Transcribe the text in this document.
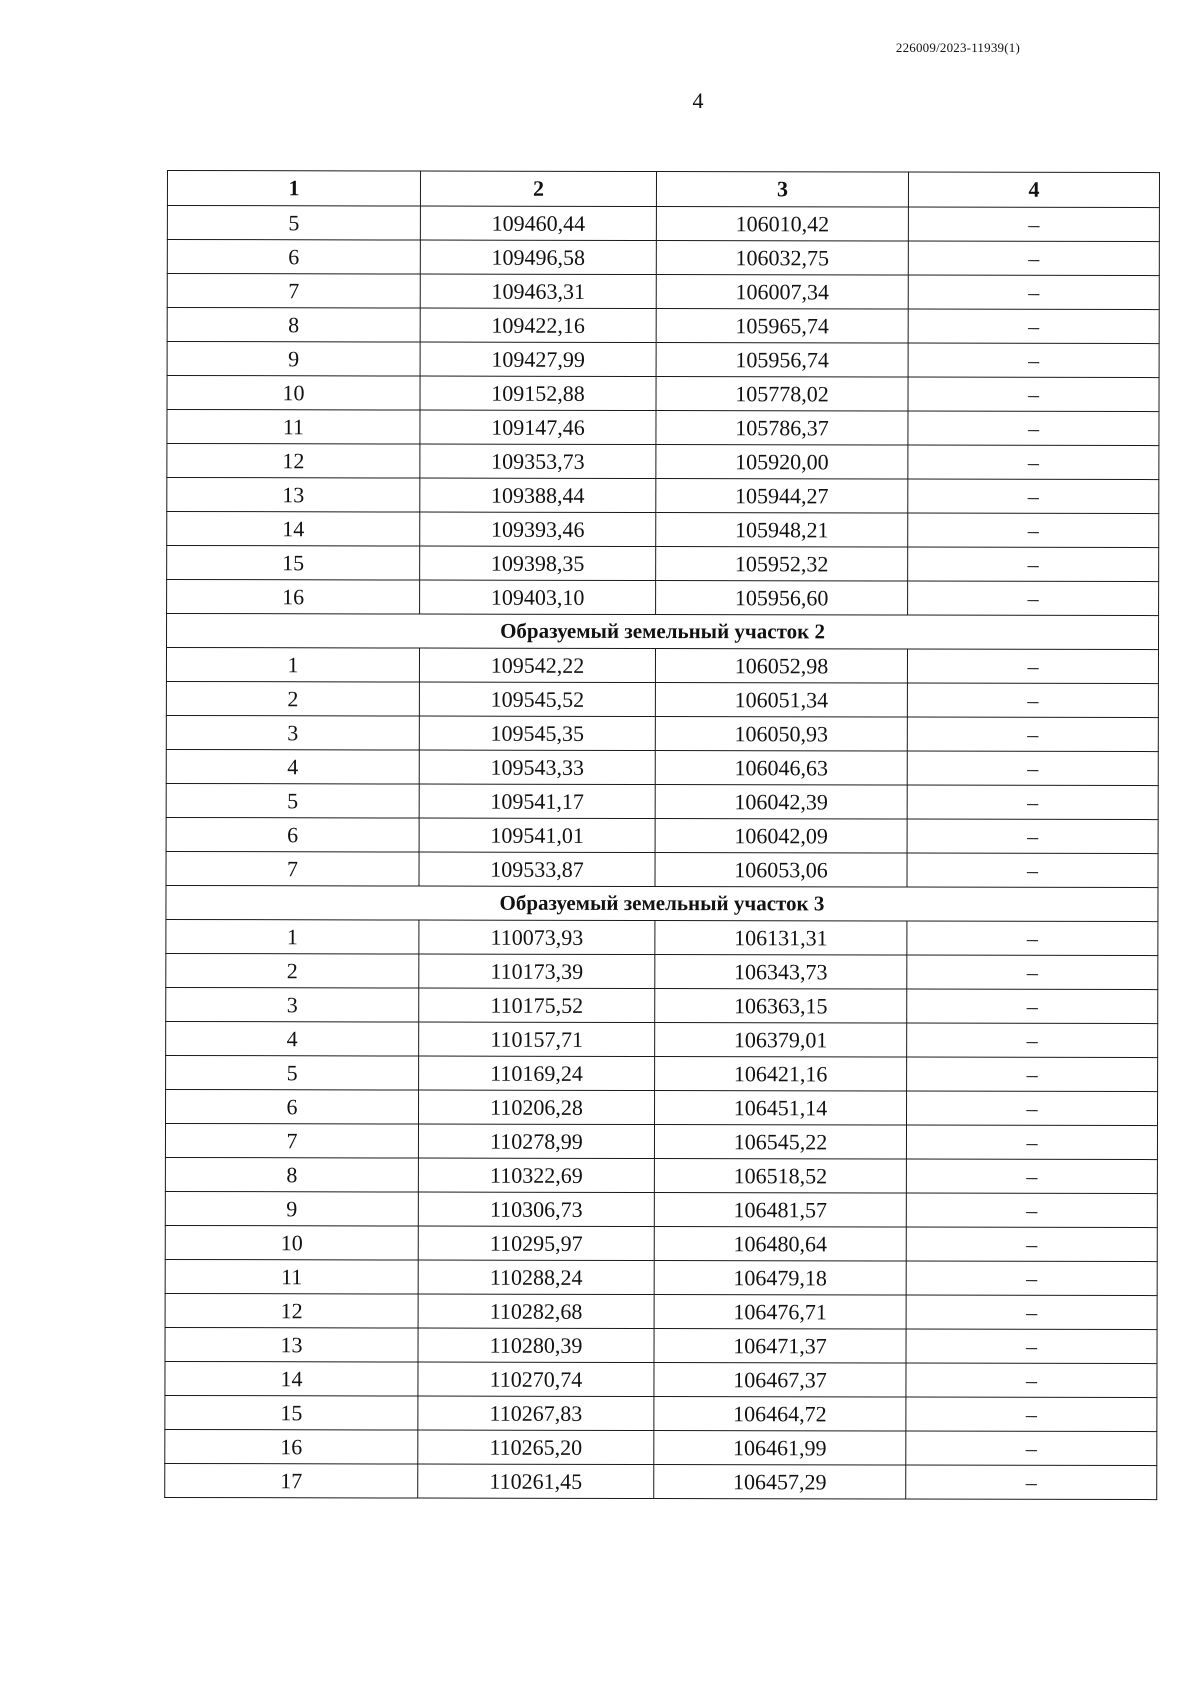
226009/2023-11939(1)
4
1	2	3	4
5	109460,44	106010,42	–
6	109496,58	106032,75	–
7	109463,31	106007,34	–
8	109422,16	105965,74	–
9	109427,99	105956,74	–
10	109152,88	105778,02	–
11	109147,46	105786,37	–
12	109353,73	105920,00	–
13	109388,44	105944,27	–
14	109393,46	105948,21	–
15	109398,35	105952,32	–
16	109403,10	105956,60	–
Образуемый земельный участок 2			
1	109542,22	106052,98	–
2	109545,52	106051,34	–
3	109545,35	106050,93	–
4	109543,33	106046,63	–
5	109541,17	106042,39	–
6	109541,01	106042,09	–
7	109533,87	106053,06	–
Образуемый земельный участок 3			
1	110073,93	106131,31	–
2	110173,39	106343,73	–
3	110175,52	106363,15	–
4	110157,71	106379,01	–
5	110169,24	106421,16	–
6	110206,28	106451,14	–
7	110278,99	106545,22	–
8	110322,69	106518,52	–
9	110306,73	106481,57	–
10	110295,97	106480,64	–
11	110288,24	106479,18	–
12	110282,68	106476,71	–
13	110280,39	106471,37	–
14	110270,74	106467,37	–
15	110267,83	106464,72	–
16	110265,20	106461,99	–
17	110261,45	106457,29	–
